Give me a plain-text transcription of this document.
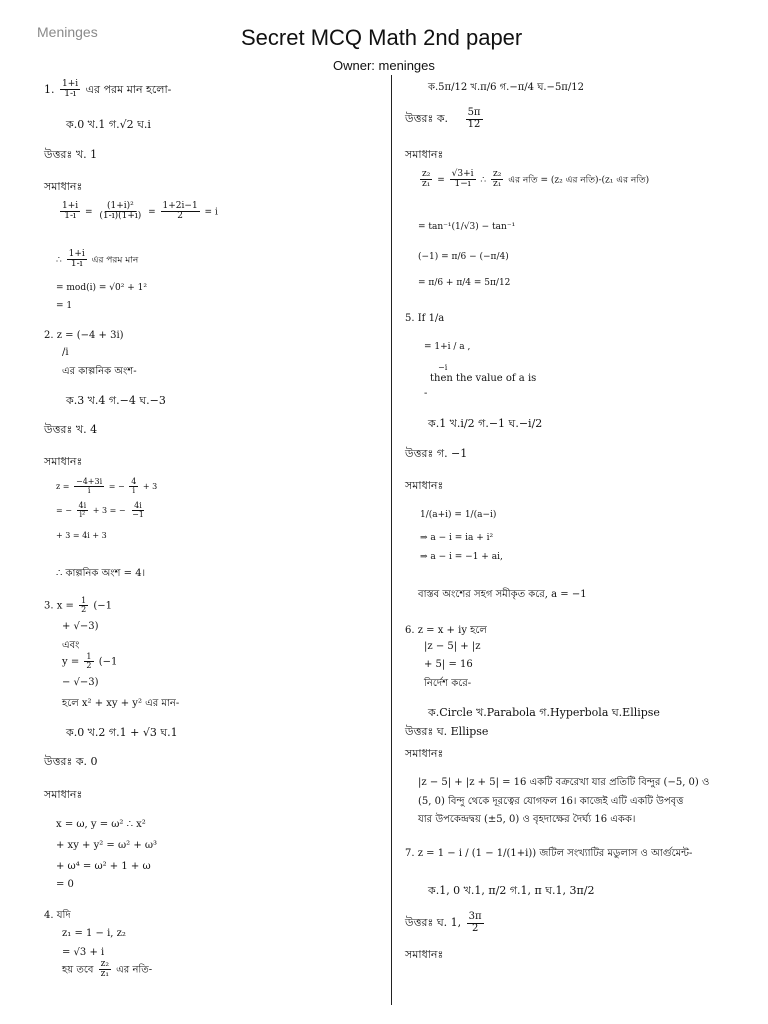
Meninges	Secret MCQ Math 2nd paper
Owner: meninges
1. $\frac{1+i}{1-i}$ এর পরম মান হলো-
ক.0 খ.1 গ.√2 ঘ.i
উত্তরঃ খ. 1
সমাধানঃ
$\frac{1+i}{1-i} = \frac{\text{(1+i)²}}{(1-i)(1+i)} = \frac{1+2i-1}{2} = i$
∴ $\frac{1+i}{1-i}$ এর পরম মান
= mod(i) = √0² + 1²
= 1
2. z = (−4 + 3i)
/i
এর কাল্পনিক অংশ-
ক.3 খ.4 গ.−4 ঘ.−3
উত্তরঃ খ. 4
সমাধানঃ
$z = \frac{-4+3i}{i}$ = − $\frac{4}{i} + 3$
= − $\frac{4i}{\text{i²}} + 3$ = − $\frac{4i}{-1}$
+ 3 = 4i + 3
∴ কাল্পনিক অংশ = 4।
3. $x = \frac{1}{2} (-1$
+ √−3)
এবং
$y = \frac{1}{2} (-1$
− √−3)
হলে x² + xy + y² এর মান-
ক.0 খ.2 গ.1 + √3 ঘ.1
উত্তরঃ ক. 0
সমাধানঃ
x = ω, y = ω² ∴ x²
+ xy + y² = ω² + ω³
+ ω⁴ = ω² + 1 + ω
= 0
4. যদি
z₁ = 1 − i, z₂
= √3 + i
হয় তবে $\frac{\text{z₂}}{\text{z₁}}$ এর নতি-
ক.5π/12 খ.π/6 গ.−π/4 ঘ.−5π/12
উত্তরঃ ক. $\frac{5\pi}{12}$
সমাধানঃ
$\frac{\text{z₂}}{\text{z₁}} = \frac{√3+i}{1-i}$ ∴ $\frac{\text{z₂}}{\text{z₁}}$ এর নতি = (z₂ এর নতি)-(z₁ এর নতি)
= tan⁻¹(1/√3) − tan⁻¹
(−1) = π/6 − (−π/4)
= π/6 + π/4 = 5π/12
5. If 1/a
= 1+i / a ,
−i
then the value of a is
-
ক.1 খ.i/2 গ.−1 ঘ.−i/2
উত্তরঃ গ. −1
সমাধানঃ
1/(a+i) = 1/(a−i)
⇒ a − i = ia + i²
⇒ a − i = −1 + ai,
বাস্তব অংশের সহগ সমীকৃত করে, a = −1
6. z = x + iy হলে
|z − 5| + |z
+ 5| = 16
নির্দেশ করে-
ক.Circle খ.Parabola গ.Hyperbola ঘ.Ellipse
উত্তরঃ ঘ. Ellipse
সমাধানঃ
|z − 5| + |z + 5| = 16 একটি বক্ররেখা যার প্রতিটি বিন্দুর (−5, 0) ও
(5, 0) বিন্দু থেকে দূরত্বের যোগফল 16। কাজেই এটি একটি উপবৃত্ত
যার উপকেন্দ্রদ্বয় (±5, 0) ও বৃহদাক্ষের দৈর্ঘ্য 16 একক।
7. z = 1 − i / (1 − 1/(1+i)) জটিল সংখ্যাটির মডুলাস ও আর্গুমেন্ট-
ক.1, 0 খ.1, π/2 গ.1, π ঘ.1, 3π/2
উত্তরঃ ঘ. 1, $\frac{3\pi}{2}$
সমাধানঃ
